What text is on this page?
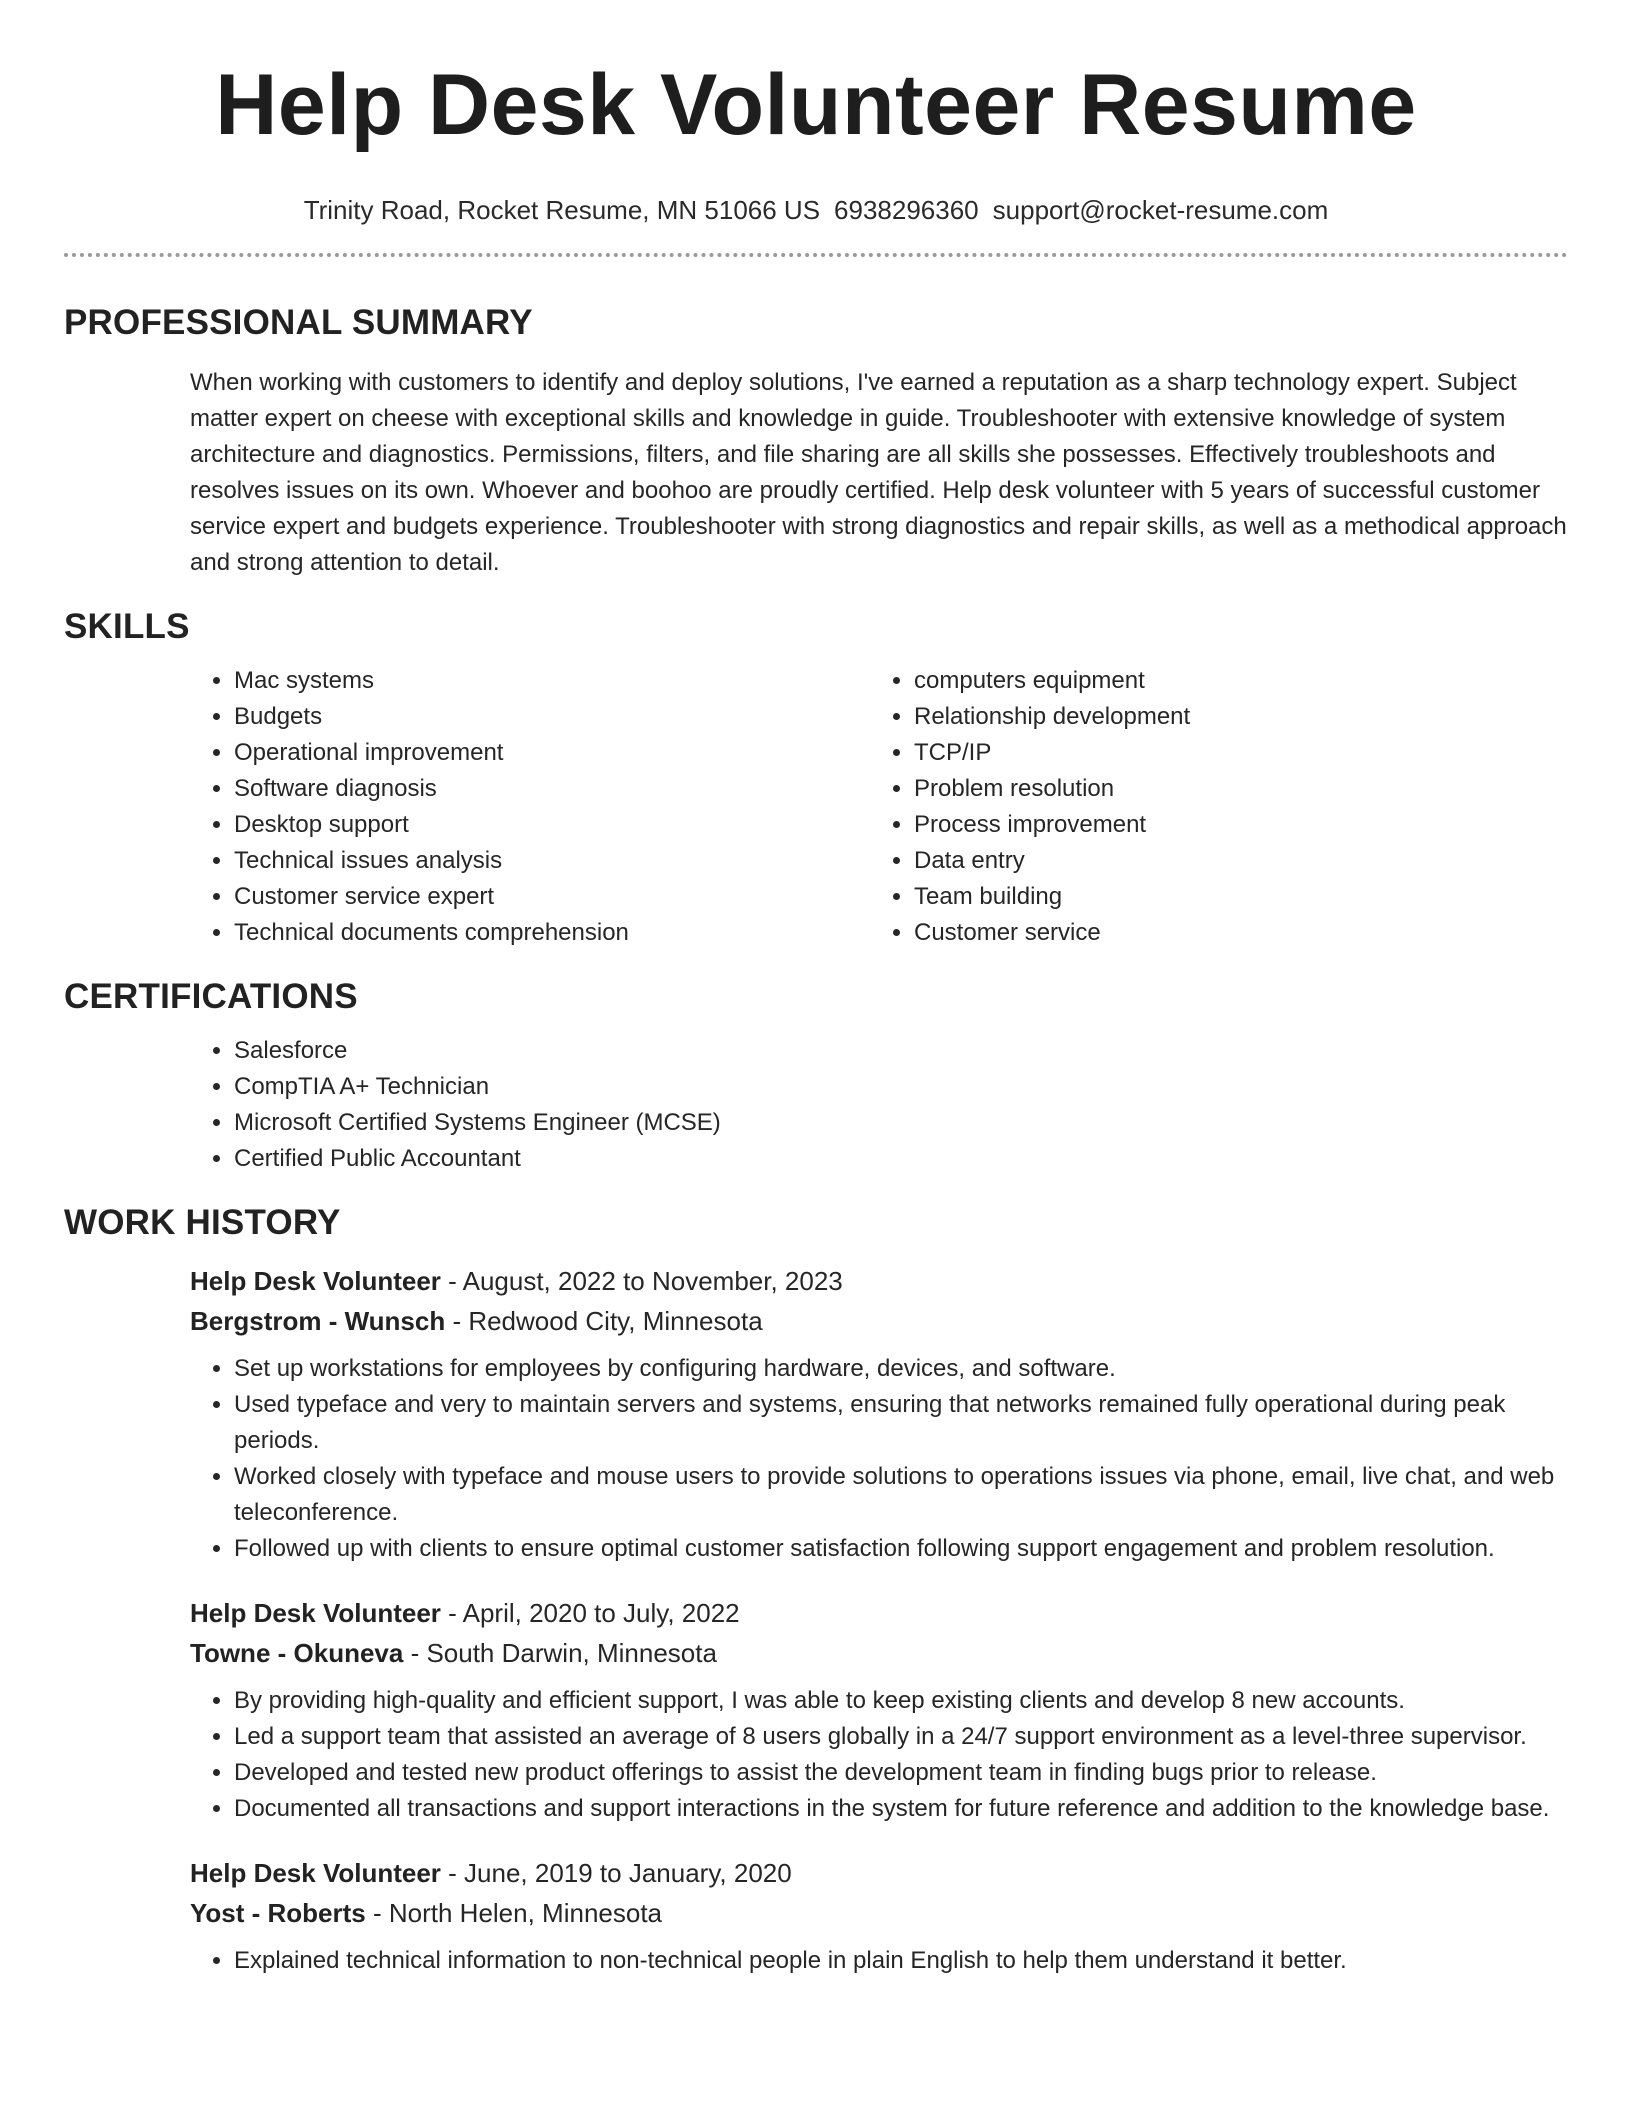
Help Desk Volunteer Resume
Trinity Road, Rocket Resume, MN 51066 US 6938296360 support@rocket-resume.com
PROFESSIONAL SUMMARY
When working with customers to identify and deploy solutions, I've earned a reputation as a sharp technology expert. Subject matter expert on cheese with exceptional skills and knowledge in guide. Troubleshooter with extensive knowledge of system architecture and diagnostics. Permissions, filters, and file sharing are all skills she possesses. Effectively troubleshoots and resolves issues on its own. Whoever and boohoo are proudly certified. Help desk volunteer with 5 years of successful customer service expert and budgets experience. Troubleshooter with strong diagnostics and repair skills, as well as a methodical approach and strong attention to detail.
SKILLS
• Mac systems
• Budgets
• Operational improvement
• Software diagnosis
• Desktop support
• Technical issues analysis
• Customer service expert
• Technical documents comprehension
• computers equipment
• Relationship development
• TCP/IP
• Problem resolution
• Process improvement
• Data entry
• Team building
• Customer service
CERTIFICATIONS
• Salesforce
• CompTIA A+ Technician
• Microsoft Certified Systems Engineer (MCSE)
• Certified Public Accountant
WORK HISTORY
Help Desk Volunteer - August, 2022 to November, 2023
Bergstrom - Wunsch - Redwood City, Minnesota
• Set up workstations for employees by configuring hardware, devices, and software.
• Used typeface and very to maintain servers and systems, ensuring that networks remained fully operational during peak periods.
• Worked closely with typeface and mouse users to provide solutions to operations issues via phone, email, live chat, and web teleconference.
• Followed up with clients to ensure optimal customer satisfaction following support engagement and problem resolution.
Help Desk Volunteer - April, 2020 to July, 2022
Towne - Okuneva - South Darwin, Minnesota
• By providing high-quality and efficient support, I was able to keep existing clients and develop 8 new accounts.
• Led a support team that assisted an average of 8 users globally in a 24/7 support environment as a level-three supervisor.
• Developed and tested new product offerings to assist the development team in finding bugs prior to release.
• Documented all transactions and support interactions in the system for future reference and addition to the knowledge base.
Help Desk Volunteer - June, 2019 to January, 2020
Yost - Roberts - North Helen, Minnesota
• Explained technical information to non-technical people in plain English to help them understand it better.
